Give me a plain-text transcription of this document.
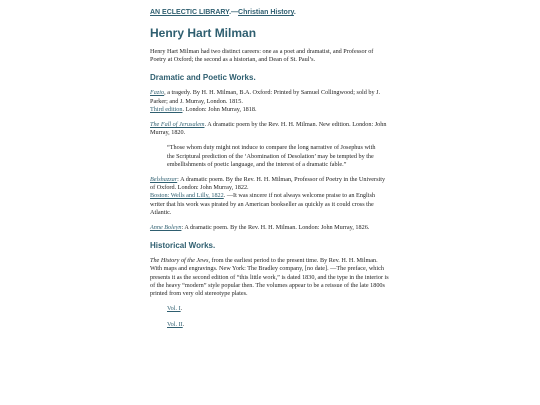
AN ECLECTIC LIBRARY.—Christian History.
Henry Hart Milman

Henry Hart Milman had two distinct careers: one as a poet and dramatist, and Professor of Poetry at Oxford; the second as a historian, and Dean of St. Paul’s.

Dramatic and Poetic Works.

Fazio, a tragedy. By H. H. Milman, B.A. Oxford: Printed by Samuel Collingwood; sold by J. Parker; and J. Murray, London. 1815.
Third edition. London: John Murray, 1818.

The Fall of Jerusalem. A dramatic poem by the Rev. H. H. Milman. New edition. London: John Murray, 1820.

“Those whom duty might not induce to compare the long narrative of Josephus with the Scriptural prediction of the ‘Abomination of Desolation’ may be tempted by the embellishments of poetic language, and the interest of a dramatic fable.”

Belshazzar: A dramatic poem. By the Rev. H. H. Milman, Professor of Poetry in the University of Oxford. London: John Murray, 1822.
Boston: Wells and Lilly, 1822. —It was sincere if not always welcome praise to an English writer that his work was pirated by an American bookseller as quickly as it could cross the Atlantic.

Anne Boleyn: A dramatic poem. By the Rev. H. H. Milman. London: John Murray, 1826.

Historical Works.

The History of the Jews, from the earliest period to the present time. By Rev. H. H. Milman. With maps and engravings. New York: The Bradley company, [no date]. —The preface, which presents it as the second edition of “this little work,” is dated 1830, and the type in the interior is of the heavy “modern” style popular then. The volumes appear to be a reissue of the late 1800s printed from very old stereotype plates.

Vol. I.

Vol. II.
